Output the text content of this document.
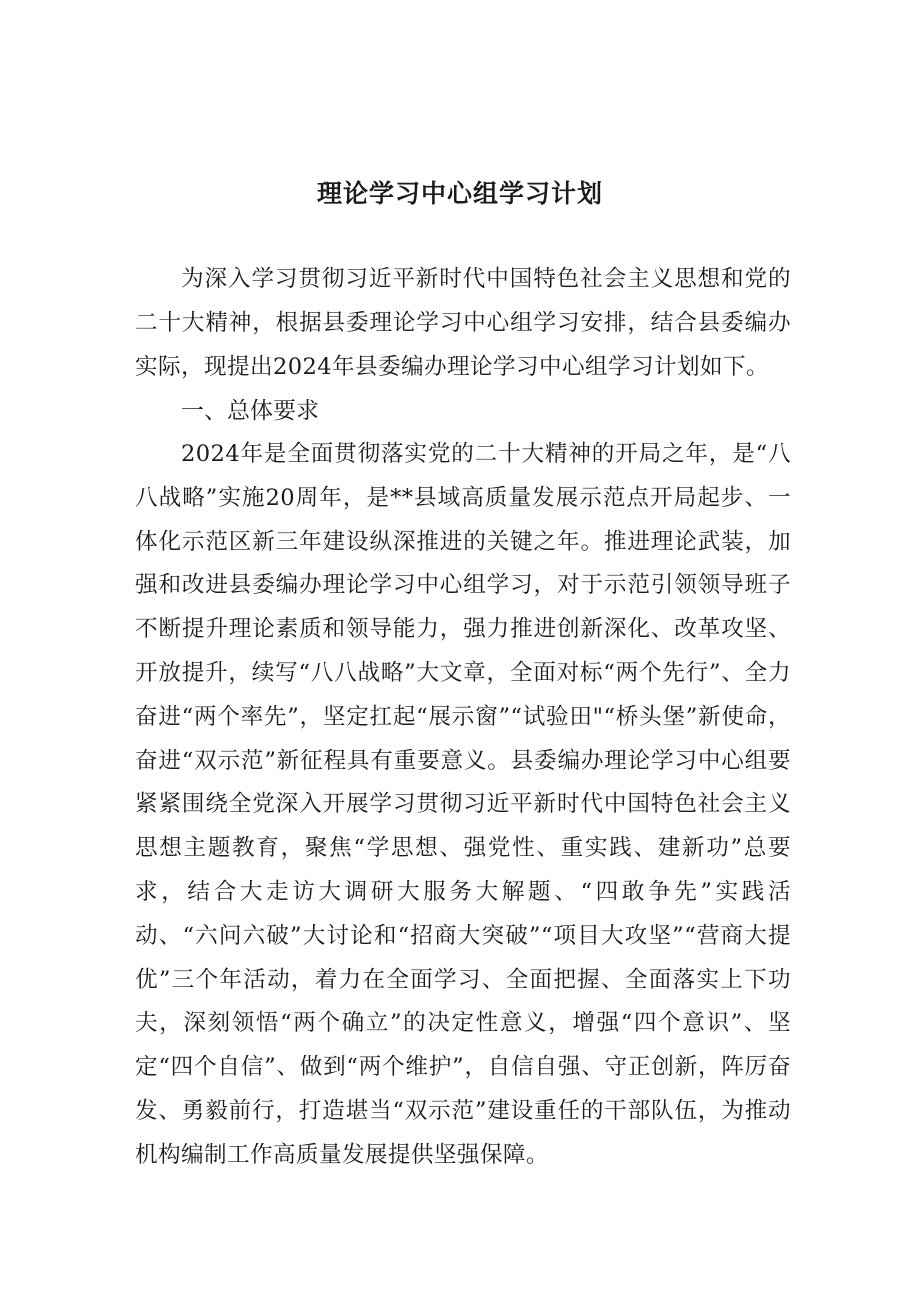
理论学习中心组学习计划

为深入学习贯彻习近平新时代中国特色社会主义思想和党的二十大精神，根据县委理论学习中心组学习安排，结合县委编办实际，现提出2024年县委编办理论学习中心组学习计划如下。

一、总体要求

2024年是全面贯彻落实党的二十大精神的开局之年，是“八八战略”实施20周年，是**县域高质量发展示范点开局起步、一体化示范区新三年建设纵深推进的关键之年。推进理论武装，加强和改进县委编办理论学习中心组学习，对于示范引领领导班子不断提升理论素质和领导能力，强力推进创新深化、改革攻坚、开放提升，续写“八八战略”大文章，全面对标“两个先行”、全力奋进“两个率先”，坚定扛起“展示窗”“试验田"“桥头堡”新使命，奋进“双示范”新征程具有重要意义。县委编办理论学习中心组要紧紧围绕全党深入开展学习贯彻习近平新时代中国特色社会主义思想主题教育，聚焦“学思想、强党性、重实践、建新功”总要求，结合大走访大调研大服务大解题、“四敢争先”实践活动、“六问六破”大讨论和“招商大突破”“项目大攻坚”“营商大提优”三个年活动，着力在全面学习、全面把握、全面落实上下功夫，深刻领悟“两个确立”的决定性意义，增强“四个意识”、坚定“四个自信”、做到“两个维护”，自信自强、守正创新，阵厉奋发、勇毅前行，打造堪当“双示范”建设重任的干部队伍，为推动机构编制工作高质量发展提供坚强保障。
